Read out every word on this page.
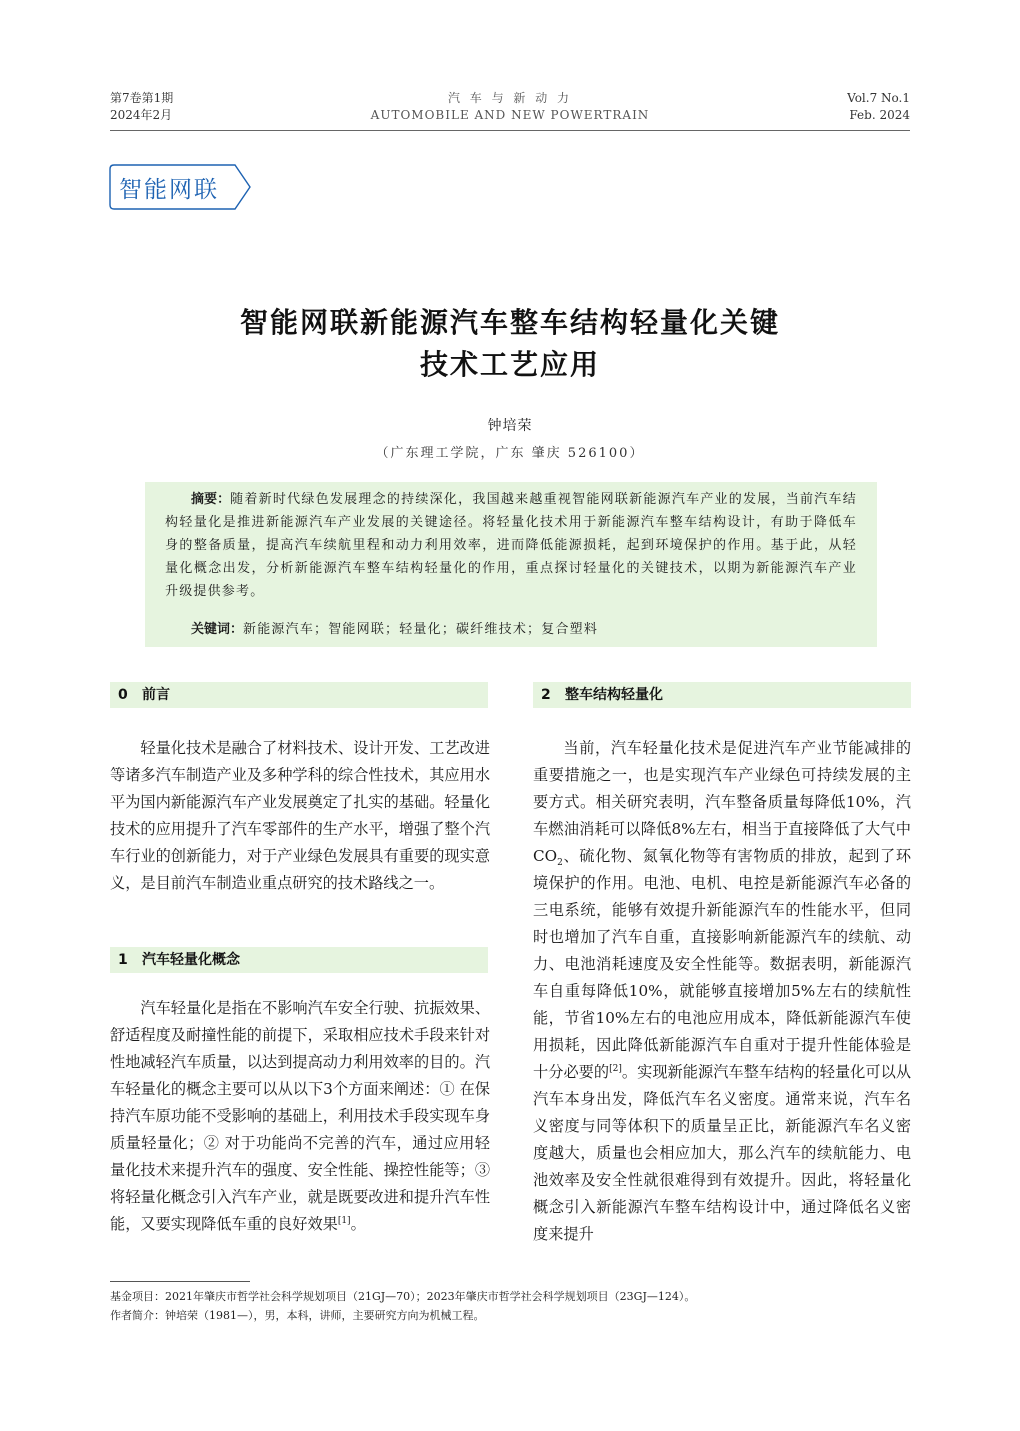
第7卷第1期
2024年2月
汽 车 与 新 动 力
AUTOMOBILE AND NEW POWERTRAIN
Vol.7 No.1
Feb. 2024
智能网联
智能网联新能源汽车整车结构轻量化关键
技术工艺应用
钟培荣
（广东理工学院，广东 肇庆 526100）
摘要：随着新时代绿色发展理念的持续深化，我国越来越重视智能网联新能源汽车产业的发展，当前汽车结构轻量化是推进新能源汽车产业发展的关键途径。将轻量化技术用于新能源汽车整车结构设计，有助于降低车身的整备质量，提高汽车续航里程和动力利用效率，进而降低能源损耗，起到环境保护的作用。基于此，从轻量化概念出发，分析新能源汽车整车结构轻量化的作用，重点探讨轻量化的关键技术，以期为新能源汽车产业升级提供参考。
关键词：新能源汽车；智能网联；轻量化；碳纤维技术；复合塑料
0 前言
轻量化技术是融合了材料技术、设计开发、工艺改进等诸多汽车制造产业及多种学科的综合性技术，其应用水平为国内新能源汽车产业发展奠定了扎实的基础。轻量化技术的应用提升了汽车零部件的生产水平，增强了整个汽车行业的创新能力，对于产业绿色发展具有重要的现实意义，是目前汽车制造业重点研究的技术路线之一。
1 汽车轻量化概念
汽车轻量化是指在不影响汽车安全行驶、抗振效果、舒适程度及耐撞性能的前提下，采取相应技术手段来针对性地减轻汽车质量，以达到提高动力利用效率的目的。汽车轻量化的概念主要可以从以下3个方面来阐述：① 在保持汽车原功能不受影响的基础上，利用技术手段实现车身质量轻量化；② 对于功能尚不完善的汽车，通过应用轻量化技术来提升汽车的强度、安全性能、操控性能等；③ 将轻量化概念引入汽车产业，就是既要改进和提升汽车性能，又要实现降低车重的良好效果[1]。
2 整车结构轻量化
当前，汽车轻量化技术是促进汽车产业节能减排的重要措施之一，也是实现汽车产业绿色可持续发展的主要方式。相关研究表明，汽车整备质量每降低10%，汽车燃油消耗可以降低8%左右，相当于直接降低了大气中$CO_2$、硫化物、氮氧化物等有害物质的排放，起到了环境保护的作用。电池、电机、电控是新能源汽车必备的三电系统，能够有效提升新能源汽车的性能水平，但同时也增加了汽车自重，直接影响新能源汽车的续航、动力、电池消耗速度及安全性能等。数据表明，新能源汽车自重每降低10%，就能够直接增加5%左右的续航性能，节省10%左右的电池应用成本，降低新能源汽车使用损耗，因此降低新能源汽车自重对于提升性能体验是十分必要的[2]。实现新能源汽车整车结构的轻量化可以从汽车本身出发，降低汽车名义密度。通常来说，汽车名义密度与同等体积下的质量呈正比，新能源汽车名义密度越大，质量也会相应加大，那么汽车的续航能力、电池效率及安全性就很难得到有效提升。因此，将轻量化概念引入新能源汽车整车结构设计中，通过降低名义密度来提升
基金项目：2021年肇庆市哲学社会科学规划项目（21GJ—70）；2023年肇庆市哲学社会科学规划项目（23GJ—124）。
作者简介：钟培荣（1981—），男，本科，讲师，主要研究方向为机械工程。
